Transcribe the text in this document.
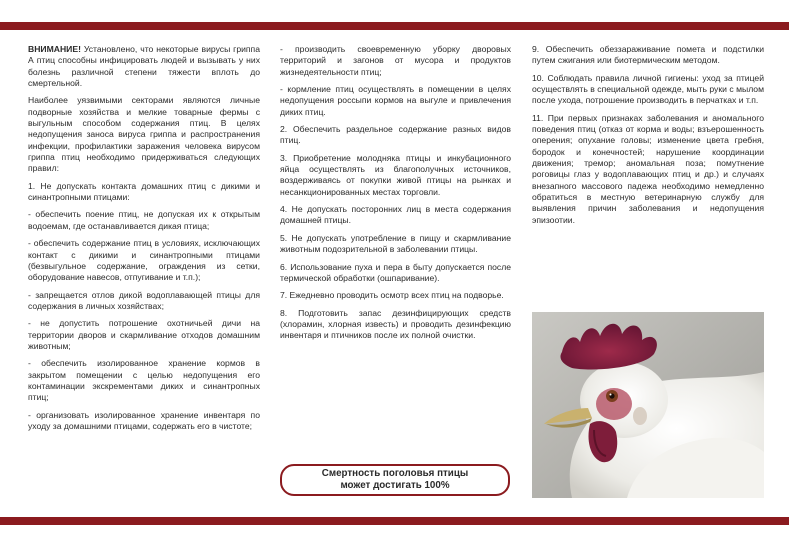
ВНИМАНИЕ! Установлено, что некоторые вирусы гриппа А птиц способны инфицировать людей и вызывать у них болезнь различной степени тяжести вплоть до смертельной.

Наиболее уязвимыми секторами являются личные подворные хозяйства и мелкие товарные фермы с выгульным способом содержания птиц. В целях недопущения заноса вируса гриппа и распространения инфекции, профилактики заражения человека вирусом гриппа птиц необходимо придерживаться следующих правил:

1. Не допускать контакта домашних птиц с дикими и синантропными птицами:

- обеспечить поение птиц, не допуская их к открытым водоемам, где останавливается дикая птица;

- обеспечить содержание птиц в условиях, исключающих контакт с дикими и синантропными птицами (безвыгульное содержание, ограждения из сетки, оборудование навесов, отпугивание и т.п.);

- запрещается отлов дикой водоплавающей птицы для содержания в личных хозяйствах;

- не допустить потрошение охотничьей дичи на территории дворов и скармливание отходов домашним животным;

- обеспечить изолированное хранение кормов в закрытом помещении с целью недопущения его контаминации экскрементами диких и синантропных птиц;

- организовать изолированное хранение инвентаря по уходу за домашними птицами, содержать его в чистоте;

- производить своевременную уборку дворовых территорий и загонов от мусора и продуктов жизнедеятельности птиц;

- кормление птиц осуществлять в помещении в целях недопущения россыпи кормов на выгуле и привлечения диких птиц.

2. Обеспечить раздельное содержание разных видов птиц.

3. Приобретение молодняка птицы и инкубационного яйца осуществлять из благополучных источников, воздерживаясь от покупки живой птицы на рынках и несанкционированных местах торговли.

4. Не допускать посторонних лиц в места содержания домашней птицы.

5. Не допускать употребление в пищу и скармливание животным подозрительной в заболевании птицы.

6. Использование пуха и пера в быту допускается после термической обработки (ошпаривание).

7. Ежедневно проводить осмотр всех птиц на подворье.

8. Подготовить запас дезинфицирующих средств (хлорамин, хлорная известь) и проводить дезинфекцию инвентаря и птичников после их полной очистки.

Смертность поголовья птицы
может достигать 100%

9. Обеспечить обеззараживание помета и подстилки путем сжигания или биотермическим методом.

10. Соблюдать правила личной гигиены: уход за птицей осуществлять в специальной одежде, мыть руки с мылом после ухода, потрошение производить в перчатках и т.п.

11. При первых признаках заболевания и аномального поведения птиц (отказ от корма и воды; взъерошенность оперения; опухание головы; изменение цвета гребня, бородок и конечностей; нарушение координации движения; тремор; аномальная поза; помутнение роговицы глаз у водоплавающих птиц и др.) и случаях внезапного массового падежа необходимо немедленно обратиться в местную ветеринарную службу для выявления причин заболевания и недопущения эпизоотии.
